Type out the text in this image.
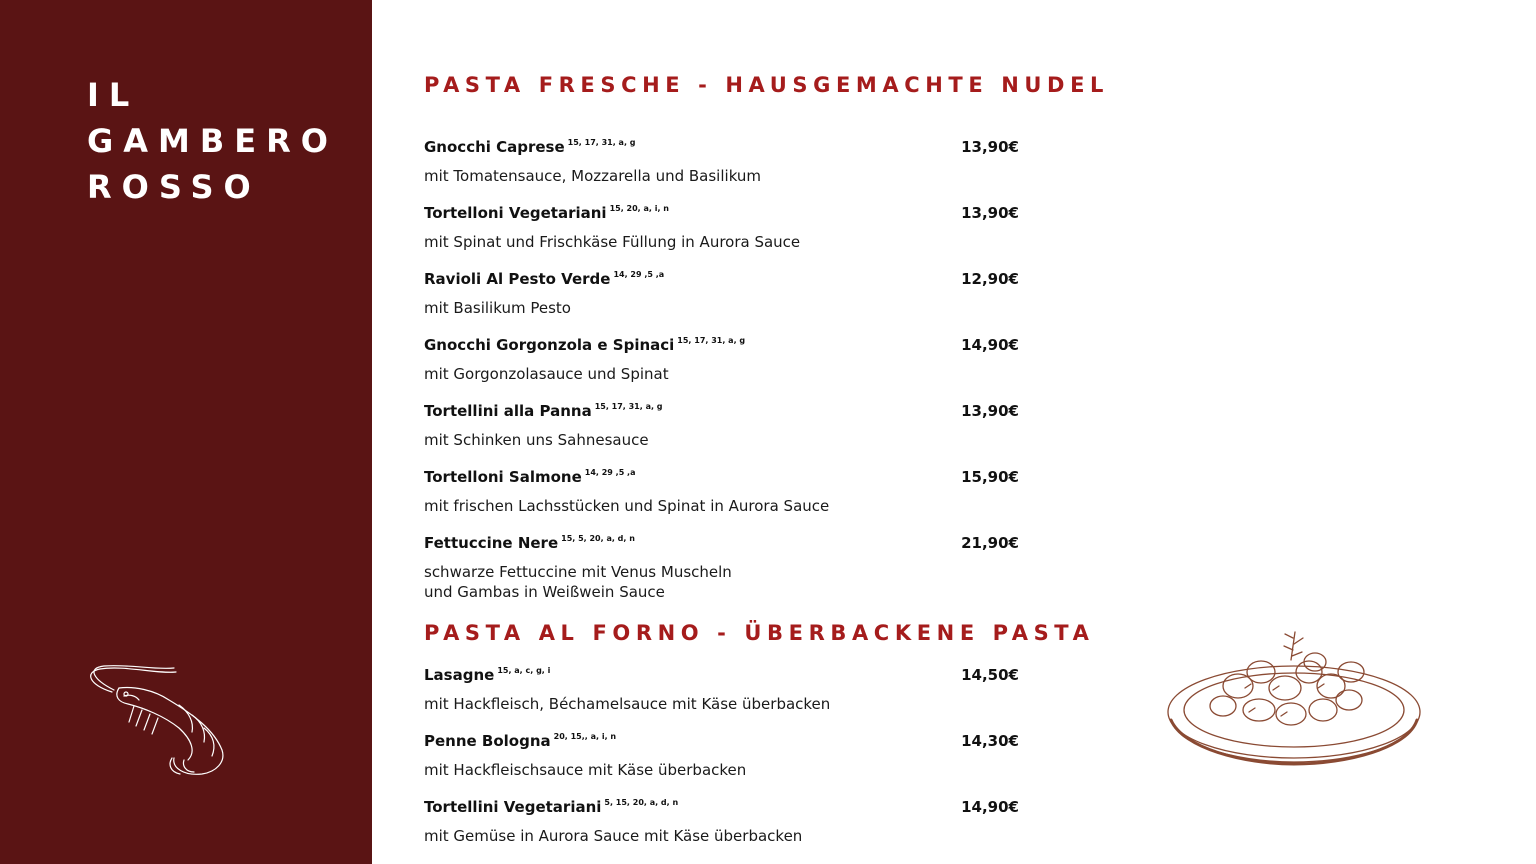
IL
GAMBERO
ROSSO
PASTA FRESCHE - HAUSGEMACHTE NUDEL
Gnocchi Caprese $^{15, 17, 31, a, g}$	13,90€
mit Tomatensauce, Mozzarella und Basilikum
Tortelloni Vegetariani $^{15, 20, a, i, n}$	13,90€
mit Spinat und Frischkäse Füllung in Aurora Sauce
Ravioli Al Pesto Verde $^{14, 29 ,5 ,a}$	12,90€
mit Basilikum Pesto
Gnocchi Gorgonzola e Spinaci $^{15, 17, 31, a, g}$	14,90€
mit Gorgonzolasauce und Spinat
Tortellini alla Panna $^{15, 17, 31, a, g}$	13,90€
mit Schinken uns Sahnesauce
Tortelloni Salmone $^{14, 29 ,5 ,a}$	15,90€
mit frischen Lachsstücken und Spinat in Aurora Sauce
Fettuccine Nere $^{15, 5, 20, a, d, n}$	21,90€
schwarze Fettuccine mit Venus Muscheln
und Gambas in Weißwein Sauce
PASTA AL FORNO - ÜBERBACKENE PASTA
Lasagne $^{15, a, c, g, i}$	14,50€
mit Hackfleisch, Béchamelsauce mit Käse überbacken
Penne Bologna $^{20, 15,, a, i, n}$	14,30€
mit Hackfleischsauce mit Käse überbacken
Tortellini Vegetariani $^{5, 15, 20, a, d, n}$	14,90€
mit Gemüse in Aurora Sauce mit Käse überbacken
